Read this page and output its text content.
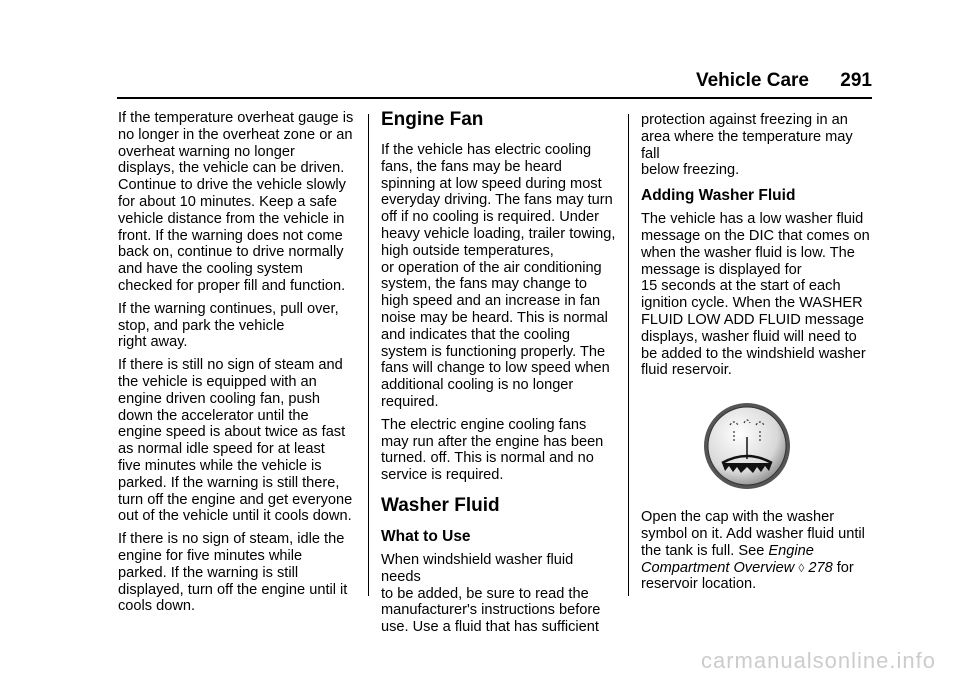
Vehicle Care 291

If the temperature overheat gauge is
no longer in the overheat zone or an
overheat warning no longer
displays, the vehicle can be driven.
Continue to drive the vehicle slowly
for about 10 minutes. Keep a safe
vehicle distance from the vehicle in
front. If the warning does not come
back on, continue to drive normally
and have the cooling system
checked for proper fill and function.

If the warning continues, pull over,
stop, and park the vehicle
right away.

If there is still no sign of steam and
the vehicle is equipped with an
engine driven cooling fan, push
down the accelerator until the
engine speed is about twice as fast
as normal idle speed for at least
five minutes while the vehicle is
parked. If the warning is still there,
turn off the engine and get everyone
out of the vehicle until it cools down.

If there is no sign of steam, idle the
engine for five minutes while
parked. If the warning is still
displayed, turn off the engine until it
cools down.

Engine Fan

If the vehicle has electric cooling
fans, the fans may be heard
spinning at low speed during most
everyday driving. The fans may turn
off if no cooling is required. Under
heavy vehicle loading, trailer towing,
high outside temperatures,
or operation of the air conditioning
system, the fans may change to
high speed and an increase in fan
noise may be heard. This is normal
and indicates that the cooling
system is functioning properly. The
fans will change to low speed when
additional cooling is no longer
required.

The electric engine cooling fans
may run after the engine has been
turned. off. This is normal and no
service is required.

Washer Fluid
What to Use

When windshield washer fluid needs
to be added, be sure to read the
manufacturer's instructions before
use. Use a fluid that has sufficient

protection against freezing in an
area where the temperature may fall
below freezing.

Adding Washer Fluid

The vehicle has a low washer fluid
message on the DIC that comes on
when the washer fluid is low. The
message is displayed for
15 seconds at the start of each
ignition cycle. When the WASHER
FLUID LOW ADD FLUID message
displays, washer fluid will need to
be added to the windshield washer
fluid reservoir.

Open the cap with the washer
symbol on it. Add washer fluid until
the tank is full. See Engine
Compartment Overview ◊ 278 for
reservoir location.

carmanualsonline.info
